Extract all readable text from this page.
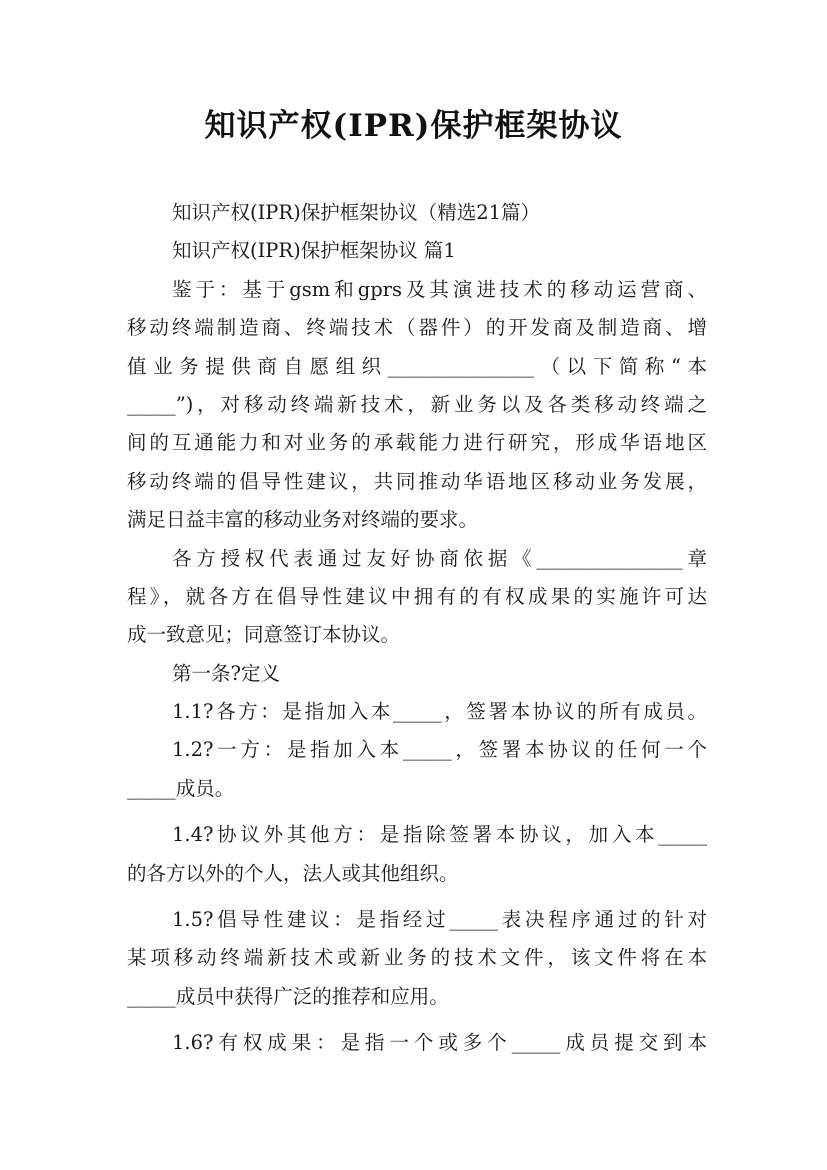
知识产权(IPR)保护框架协议
知识产权(IPR)保护框架协议（精选21篇）
知识产权(IPR)保护框架协议 篇1
鉴于：基于gsm和gprs及其演进技术的移动运营商、
移动终端制造商、终端技术（器件）的开发商及制造商、增
值业务提供商自愿组织_______________（以下简称“本
_____”)，对移动终端新技术，新业务以及各类移动终端之
间的互通能力和对业务的承载能力进行研究，形成华语地区
移动终端的倡导性建议，共同推动华语地区移动业务发展，
满足日益丰富的移动业务对终端的要求。
各方授权代表通过友好协商依据《_______________章
程》，就各方在倡导性建议中拥有的有权成果的实施许可达
成一致意见；同意签订本协议。
第一条?定义
1.1?各方：是指加入本_____，签署本协议的所有成员。
1.2?一方：是指加入本_____，签署本协议的任何一个
_____成员。
1.4?协议外其他方：是指除签署本协议，加入本_____
的各方以外的个人，法人或其他组织。
1.5?倡导性建议：是指经过_____表决程序通过的针对
某项移动终端新技术或新业务的技术文件，该文件将在本
_____成员中获得广泛的推荐和应用。
1.6?有权成果：是指一个或多个_____成员提交到本
